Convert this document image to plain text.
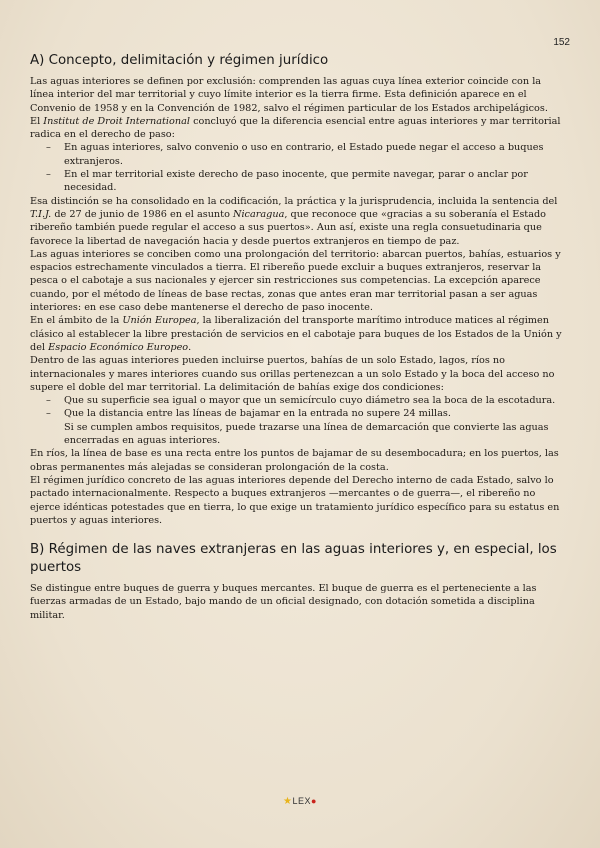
152
A) Concepto, delimitación y régimen jurídico

Las aguas interiores se definen por exclusión: comprenden las aguas cuya línea exterior coincide con la línea interior del mar territorial y cuyo límite interior es la tierra firme. Esta definición aparece en el Convenio de 1958 y en la Convención de 1982, salvo el régimen particular de los Estados archipelágicos.

El Institut de Droit International concluyó que la diferencia esencial entre aguas interiores y mar territorial radica en el derecho de paso:

– En aguas interiores, salvo convenio o uso en contrario, el Estado puede negar el acceso a buques extranjeros.
– En el mar territorial existe derecho de paso inocente, que permite navegar, parar o anclar por necesidad.

Esa distinción se ha consolidado en la codificación, la práctica y la jurisprudencia, incluida la sentencia del T.I.J. de 27 de junio de 1986 en el asunto Nicaragua, que reconoce que «gracias a su soberanía el Estado ribereño también puede regular el acceso a sus puertos». Aun así, existe una regla consuetudinaria que favorece la libertad de navegación hacia y desde puertos extranjeros en tiempo de paz.

Las aguas interiores se conciben como una prolongación del territorio: abarcan puertos, bahías, estuarios y espacios estrechamente vinculados a tierra. El ribereño puede excluir a buques extranjeros, reservar la pesca o el cabotaje a sus nacionales y ejercer sin restricciones sus competencias. La excepción aparece cuando, por el método de líneas de base rectas, zonas que antes eran mar territorial pasan a ser aguas interiores: en ese caso debe mantenerse el derecho de paso inocente.

En el ámbito de la Unión Europea, la liberalización del transporte marítimo introduce matices al régimen clásico al establecer la libre prestación de servicios en el cabotaje para buques de los Estados de la Unión y del Espacio Económico Europeo.

Dentro de las aguas interiores pueden incluirse puertos, bahías de un solo Estado, lagos, ríos no internacionales y mares interiores cuando sus orillas pertenezcan a un solo Estado y la boca del acceso no supere el doble del mar territorial. La delimitación de bahías exige dos condiciones:

– Que su superficie sea igual o mayor que un semicírculo cuyo diámetro sea la boca de la escotadura.
– Que la distancia entre las líneas de bajamar en la entrada no supere 24 millas.
Si se cumplen ambos requisitos, puede trazarse una línea de demarcación que convierte las aguas encerradas en aguas interiores.

En ríos, la línea de base es una recta entre los puntos de bajamar de su desembocadura; en los puertos, las obras permanentes más alejadas se consideran prolongación de la costa.

El régimen jurídico concreto de las aguas interiores depende del Derecho interno de cada Estado, salvo lo pactado internacionalmente. Respecto a buques extranjeros —mercantes o de guerra—, el ribereño no ejerce idénticas potestades que en tierra, lo que exige un tratamiento jurídico específico para su estatus en puertos y aguas interiores.

B) Régimen de las naves extranjeras en las aguas interiores y, en especial, los puertos

Se distingue entre buques de guerra y buques mercantes. El buque de guerra es el perteneciente a las fuerzas armadas de un Estado, bajo mando de un oficial designado, con dotación sometida a disciplina militar.

★LEX●
